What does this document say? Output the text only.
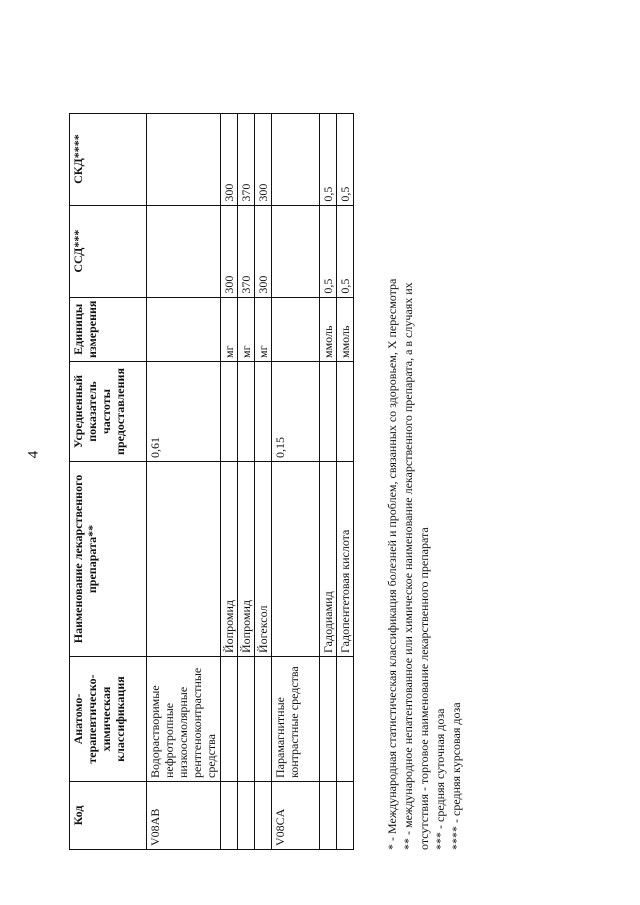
4
Код	Анатомо-терапевтическо-химическая классификация	Наименование лекарственного препарата**	Усредненный показатель частоты предоставления	Единицы измерения	ССД***	СКД****
V08AB	Водорастворимые нефротропные низкоосмолярные рентгеноконтрастные средства		0,61			
		Йопромид		мг	300	300
		Йопромид		мг	370	370
		Йогексол		мг	300	300
V08CA	Парамагнитные контрастные средства		0,15			
		Гадодиамид		ммоль	0,5	0,5
		Гадопентетовая кислота		ммоль	0,5	0,5
* - Международная статистическая классификация болезней и проблем, связанных со здоровьем, X пересмотра ** - международное непатентованное или химическое наименование лекарственного препарата, а в случаях их отсутствия - торговое наименование лекарственного препарата *** - средняя суточная доза **** - средняя курсовая доза
